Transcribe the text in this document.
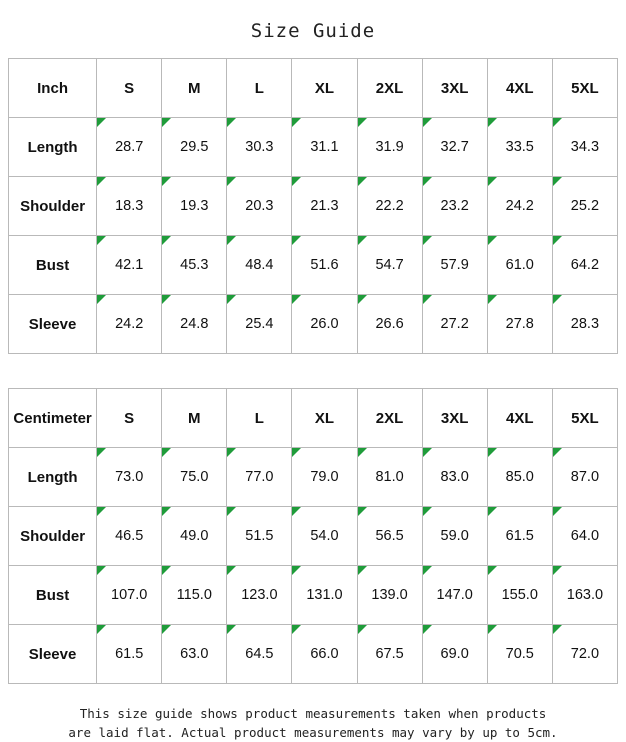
Size Guide
Inch	S	M	L	XL	2XL	3XL	4XL	5XL
Length	28.7	29.5	30.3	31.1	31.9	32.7	33.5	34.3
Shoulder	18.3	19.3	20.3	21.3	22.2	23.2	24.2	25.2
Bust	42.1	45.3	48.4	51.6	54.7	57.9	61.0	64.2
Sleeve	24.2	24.8	25.4	26.0	26.6	27.2	27.8	28.3
Centimeter	S	M	L	XL	2XL	3XL	4XL	5XL
Length	73.0	75.0	77.0	79.0	81.0	83.0	85.0	87.0
Shoulder	46.5	49.0	51.5	54.0	56.5	59.0	61.5	64.0
Bust	107.0	115.0	123.0	131.0	139.0	147.0	155.0	163.0
Sleeve	61.5	63.0	64.5	66.0	67.5	69.0	70.5	72.0
This size guide shows product measurements taken when products
are laid flat. Actual product measurements may vary by up to 5cm.
